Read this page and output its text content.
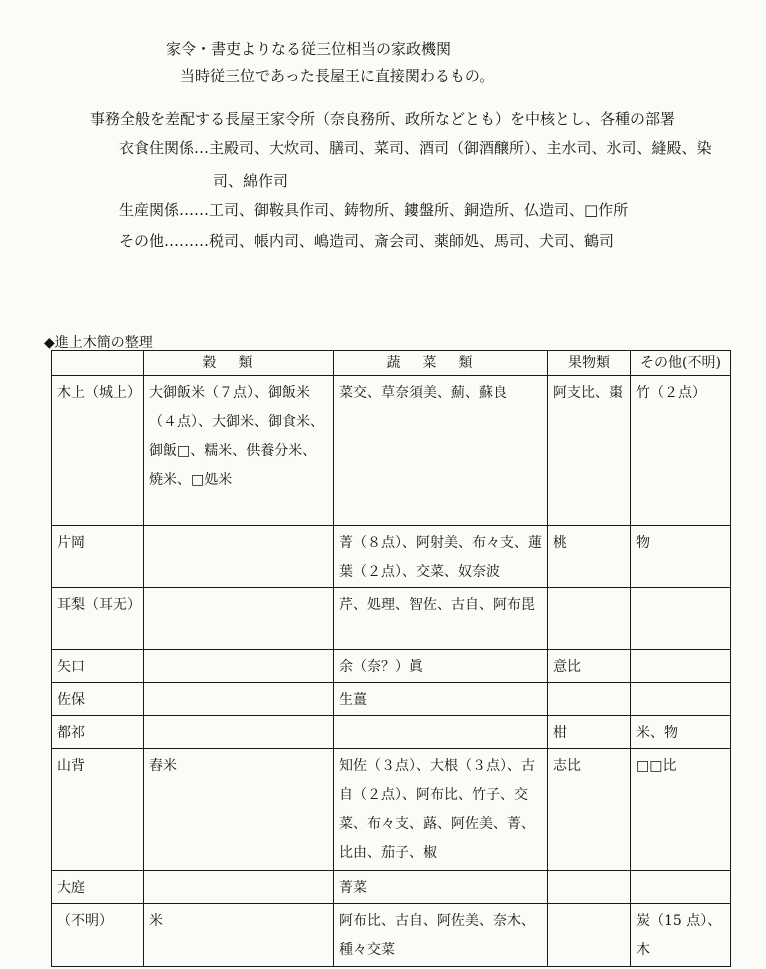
家令・書吏よりなる従三位相当の家政機関
当時従三位であった長屋王に直接関わるもの。
事務全般を差配する長屋王家令所（奈良務所、政所などとも）を中核とし、各種の部署
衣食住関係…主殿司、大炊司、膳司、菜司、酒司（御酒醸所）、主水司、氷司、縫殿、染
司、綿作司
生産関係……工司、御鞍具作司、鋳物所、鏤盤所、銅造所、仏造司、□作所
その他………税司、帳内司、嶋造司、斎会司、薬師処、馬司、犬司、鶴司
◆進上木簡の整理
	穀類	蔬菜類	果物類	その他(不明)
木上（城上）	大御飯米（７点）、御飯米（４点）、大御米、御食米、御飯□、糯米、供養分米、焼米、□処米	菜交、草奈須美、薊、蘇良	阿支比、棗	竹（２点）
片岡		菁（８点）、阿射美、布々支、蓮葉（２点）、交菜、奴奈波	桃	物
耳梨（耳无）		芹、処理、智佐、古自、阿布毘		
矢口		余（奈？）眞	意比	
佐保		生薑		
都祁			柑	米、物
山背	舂米	知佐（３点）、大根（３点）、古自（２点）、阿布比、竹子、交菜、布々支、蕗、阿佐美、菁、比由、茄子、椒	志比	□□比
大庭		菁菜		
（不明）	米	阿布比、古自、阿佐美、奈木、種々交菜		炭（15 点）、木
